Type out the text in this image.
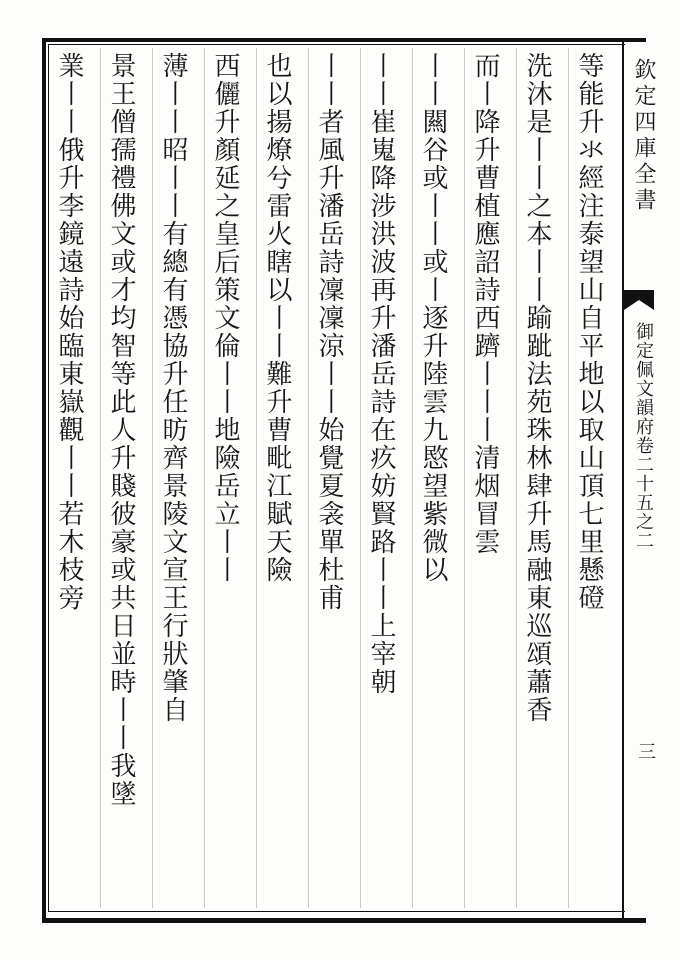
欽定四庫全書
御定佩文韻府卷二十五之二
三
等能升氺經注泰望山自平地以取山頂七里懸磴
洗沐是丨丨之本丨丨踰跐法苑珠林肆升馬融東巡頌蕭香
而丨降升曹植應詔詩西躋丨丨丨清烟冒雲
丨丨闗谷或丨丨或丨逐升陸雲九愍望紫微以
丨丨崔嵬降涉洪波再升潘岳詩在疚妨賢路丨丨上宰朝
丨丨者風升潘岳詩凜凜涼丨丨始覺夏衾單杜甫
也以揚燎兮雷火瞎以丨丨難升曹毗江賦天險
西儷升顏延之皇后策文倫丨丨地險岳立丨丨
薄丨丨昭丨丨有總有憑協升任昉齊景陵文宣王行狀肇自
景王僧孺禮佛文或才均智等此人升賤彼豪或共日並時丨丨我墜
業丨丨俄升李鏡遠詩始臨東嶽觀丨丨若木枝旁
